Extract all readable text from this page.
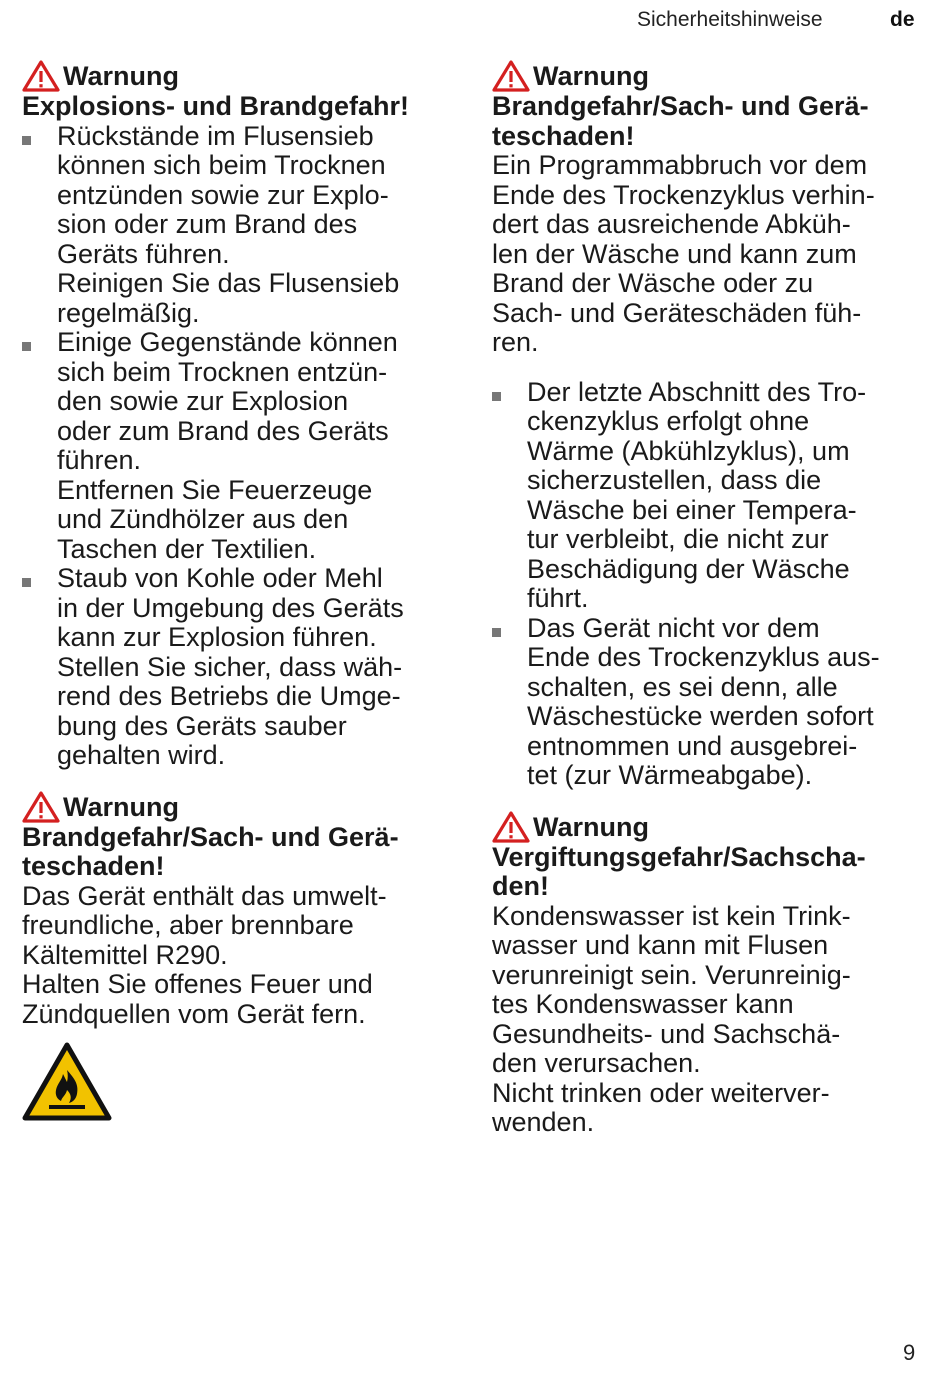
Sicherheitshinweise	de
Warnung

Explosions- und Brandgefahr!

Rückstände im Flusensieb
können sich beim Trocknen
entzünden sowie zur Explo-
sion oder zum Brand des
Geräts führen.
Reinigen Sie das Flusensieb
regelmäßig.

Einige Gegenstände können
sich beim Trocknen entzün-
den sowie zur Explosion
oder zum Brand des Geräts
führen.
Entfernen Sie Feuerzeuge
und Zündhölzer aus den
Taschen der Textilien.

Staub von Kohle oder Mehl
in der Umgebung des Geräts
kann zur Explosion führen.
Stellen Sie sicher, dass wäh-
rend des Betriebs die Umge-
bung des Geräts sauber
gehalten wird.

Warnung

Brandgefahr/Sach- und Gerä-
teschaden!

Das Gerät enthält das umwelt-
freundliche, aber brennbare
Kältemittel R290.
Halten Sie offenes Feuer und
Zündquellen vom Gerät fern.

Warnung

Brandgefahr/Sach- und Gerä-
teschaden!

Ein Programmabbruch vor dem
Ende des Trockenzyklus verhin-
dert das ausreichende Abküh-
len der Wäsche und kann zum
Brand der Wäsche oder zu
Sach- und Geräteschäden füh-
ren.

Der letzte Abschnitt des Tro-
ckenzyklus erfolgt ohne
Wärme (Abkühlzyklus), um
sicherzustellen, dass die
Wäsche bei einer Tempera-
tur verbleibt, die nicht zur
Beschädigung der Wäsche
führt.

Das Gerät nicht vor dem
Ende des Trockenzyklus aus-
schalten, es sei denn, alle
Wäschestücke werden sofort
entnommen und ausgebrei-
tet (zur Wärmeabgabe).

Warnung

Vergiftungsgefahr/Sachscha-
den!

Kondenswasser ist kein Trink-
wasser und kann mit Flusen
verunreinigt sein. Verunreinig-
tes Kondenswasser kann
Gesundheits- und Sachschä-
den verursachen.
Nicht trinken oder weiterver-
wenden.

9
